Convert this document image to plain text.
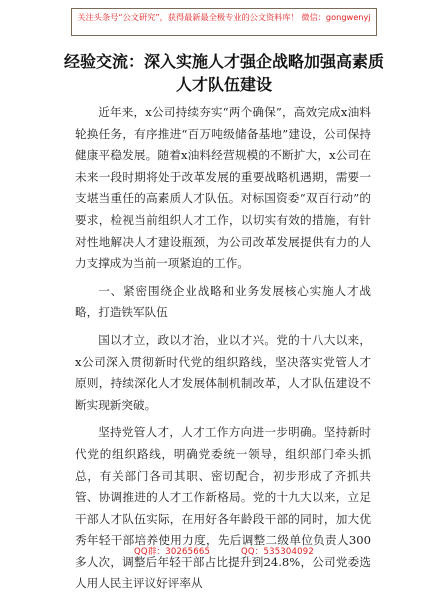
关注头条号“公文研究”，获得最新最全极专业的公文资料库！ 微信：gongwenyj
经验交流：深入实施人才强企战略加强高素质
人才队伍建设

近年来，x公司持续夯实“两个确保”，高效完成x油料轮换任务，有序推进“百万吨级储备基地”建设，公司保持健康平稳发展。随着x油料经营规模的不断扩大，x公司在未来一段时期将处于改革发展的重要战略机遇期，需要一支堪当重任的高素质人才队伍。对标国资委“双百行动”的要求，检视当前组织人才工作，以切实有效的措施，有针对性地解决人才建设瓶颈，为公司改革发展提供有力的人力支撑成为当前一项紧迫的工作。

一、紧密围绕企业战略和业务发展核心实施人才战略，打造铁军队伍

国以才立，政以才治，业以才兴。党的十八大以来，x公司深入贯彻新时代党的组织路线，坚决落实党管人才原则，持续深化人才发展体制机制改革，人才队伍建设不断实现新突破。

坚持党管人才，人才工作方向进一步明确。坚持新时代党的组织路线，明确党委统一领导，组织部门牵头抓总，有关部门各司其职、密切配合，初步形成了齐抓共管、协调推进的人才工作新格局。党的十九大以来，立足干部人才队伍实际，在用好各年龄段干部的同时，加大优秀年轻干部培养使用力度，先后调整二级单位负责人300多人次，调整后年轻干部占比提升到24.8%，公司党委选人用人民主评议好评率从

QQ群：30265665	QQ：535304092
